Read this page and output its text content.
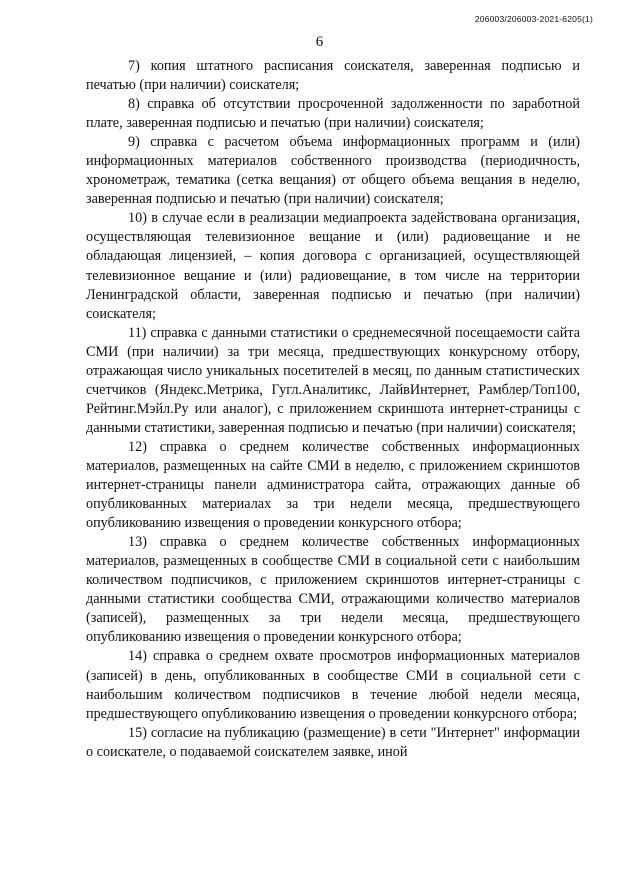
206003/206003-2021-6205(1)
6

7) копия штатного расписания соискателя, заверенная подписью и печатью (при наличии) соискателя;

8) справка об отсутствии просроченной задолженности по заработной плате, заверенная подписью и печатью (при наличии) соискателя;

9) справка с расчетом объема информационных программ и (или) информационных материалов собственного производства (периодичность, хронометраж, тематика (сетка вещания) от общего объема вещания в неделю, заверенная подписью и печатью (при наличии) соискателя;

10) в случае если в реализации медиапроекта задействована организация, осуществляющая телевизионное вещание и (или) радиовещание и не обладающая лицензией, – копия договора с организацией, осуществляющей телевизионное вещание и (или) радиовещание, в том числе на территории Ленинградской области, заверенная подписью и печатью (при наличии) соискателя;

11) справка с данными статистики о среднемесячной посещаемости сайта СМИ (при наличии) за три месяца, предшествующих конкурсному отбору, отражающая число уникальных посетителей в месяц, по данным статистических счетчиков (Яндекс.Метрика, Гугл.Аналитикс, ЛайвИнтернет, Рамблер/Топ100, Рейтинг.Мэйл.Ру или аналог), с приложением скриншота интернет-страницы с данными статистики, заверенная подписью и печатью (при наличии) соискателя;

12) справка о среднем количестве собственных информационных материалов, размещенных на сайте СМИ в неделю, с приложением скриншотов интернет-страницы панели администратора сайта, отражающих данные об опубликованных материалах за три недели месяца, предшествующего опубликованию извещения о проведении конкурсного отбора;

13) справка о среднем количестве собственных информационных материалов, размещенных в сообществе СМИ в социальной сети с наибольшим количеством подписчиков, с приложением скриншотов интернет-страницы с данными статистики сообщества СМИ, отражающими количество материалов (записей), размещенных за три недели месяца, предшествующего опубликованию извещения о проведении конкурсного отбора;

14) справка о среднем охвате просмотров информационных материалов (записей) в день, опубликованных в сообществе СМИ в социальной сети с наибольшим количеством подписчиков в течение любой недели месяца, предшествующего опубликованию извещения о проведении конкурсного отбора;

15) согласие на публикацию (размещение) в сети "Интернет" информации о соискателе, о подаваемой соискателем заявке, иной
